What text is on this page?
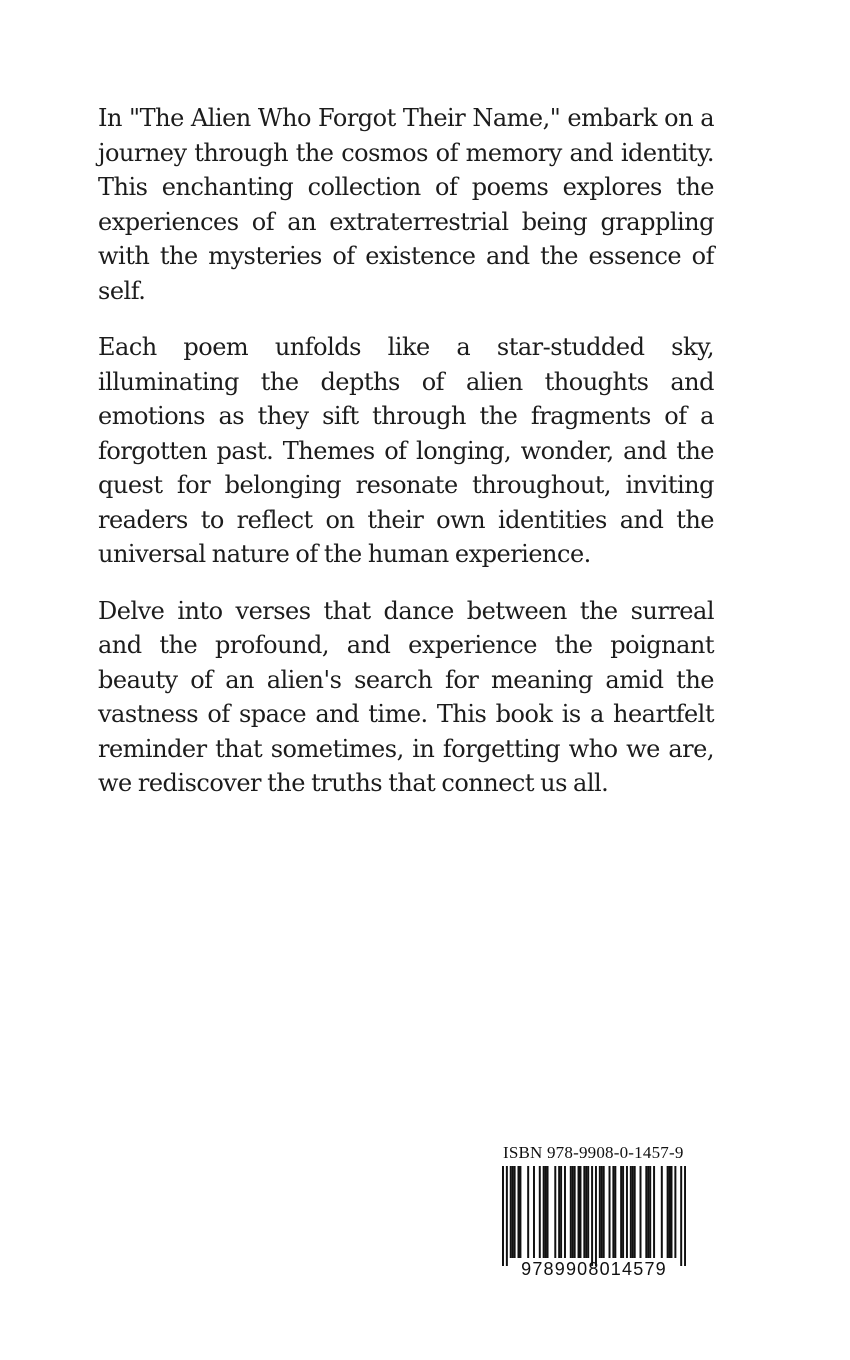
In "The Alien Who Forgot Their Name," embark on a journey through the cosmos of memory and identity. This enchanting collection of poems explores the experiences of an extraterrestrial being grappling with the mysteries of existence and the essence of self.

Each poem unfolds like a star-studded sky, illuminating the depths of alien thoughts and emotions as they sift through the fragments of a forgotten past. Themes of longing, wonder, and the quest for belonging resonate throughout, inviting readers to reflect on their own identities and the universal nature of the human experience.

Delve into verses that dance between the surreal and the profound, and experience the poignant beauty of an alien's search for meaning amid the vastness of space and time. This book is a heartfelt reminder that sometimes, in forgetting who we are, we rediscover the truths that connect us all.

ISBN 978-9908-0-1457-9
9789908014579
